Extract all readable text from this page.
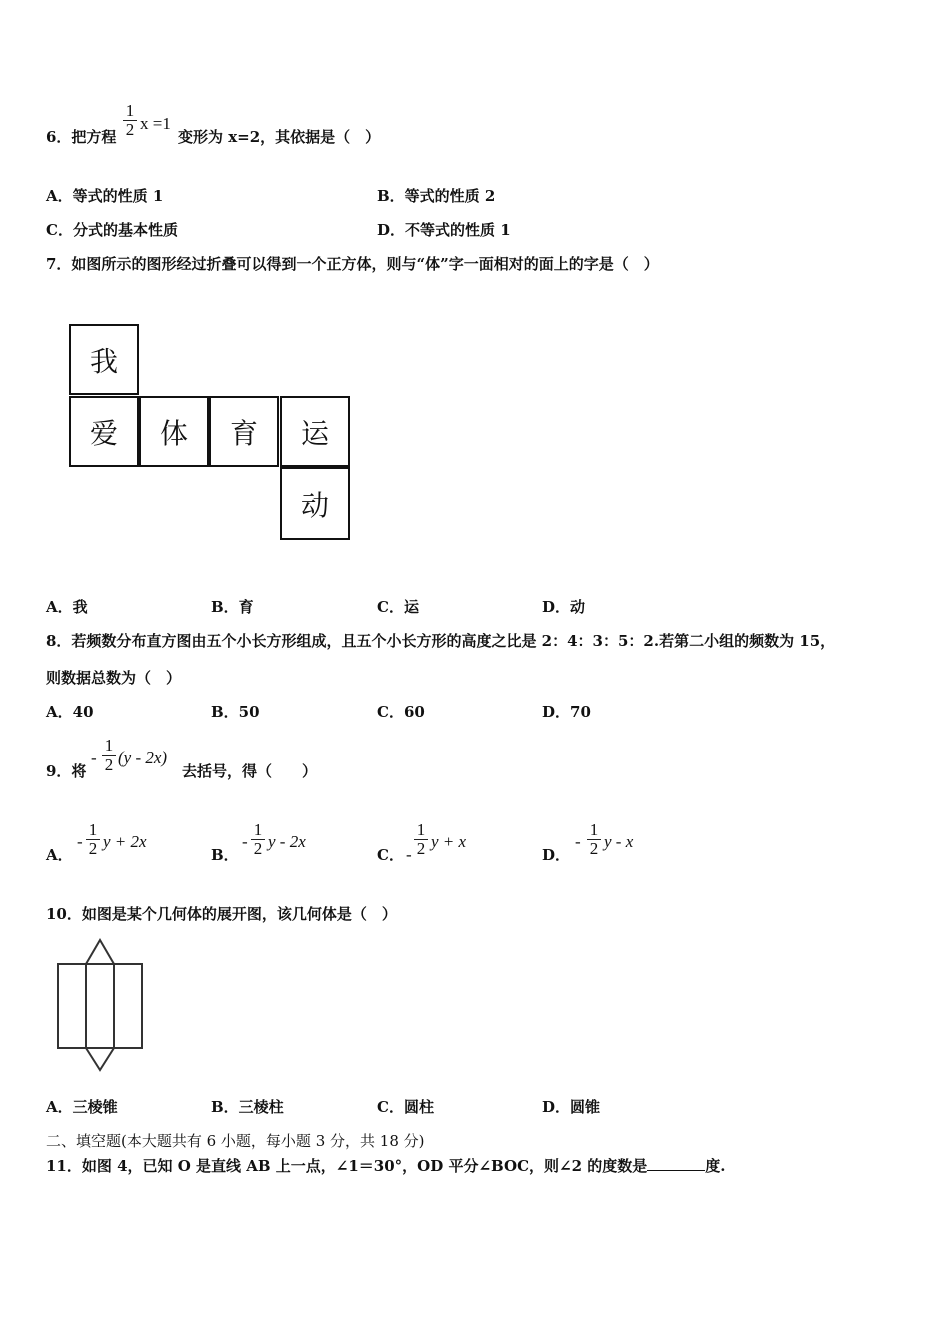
6．把方程
1
2 x =1
变形为 x=2，其依据是（　）
A．等式的性质 1	B．等式的性质 2
C．分式的基本性质	D．不等式的性质 1
7．如图所示的图形经过折叠可以得到一个正方体，则与“体”字一面相对的面上的字是（　）
我
爱	体	育	运
动
A．我	B．育	C．运	D．动
8．若频数分布直方图由五个小长方形组成，且五个小长方形的高度之比是 2：4：3：5：2.若第二小组的频数为 15，
则数据总数为（　）
A．40	B．50	C．60	D．70
9．将
-
1
2 (y - 2x)
去括号，得（　　）
A．
-
1
2 y + 2x
B．
-
1
2 y - 2x
C． -
1
2 y + x
D．
-
1
2 y - x
10．如图是某个几何体的展开图，该几何体是（　）
A．三棱锥	B．三棱柱	C．圆柱	D．圆锥
二、填空题(本大题共有 6 小题，每小题 3 分，共 18 分)
11．如图 4，已知 O 是直线 AB 上一点，∠1＝30°，OD 平分∠BOC，则∠2 的度数是	度.
